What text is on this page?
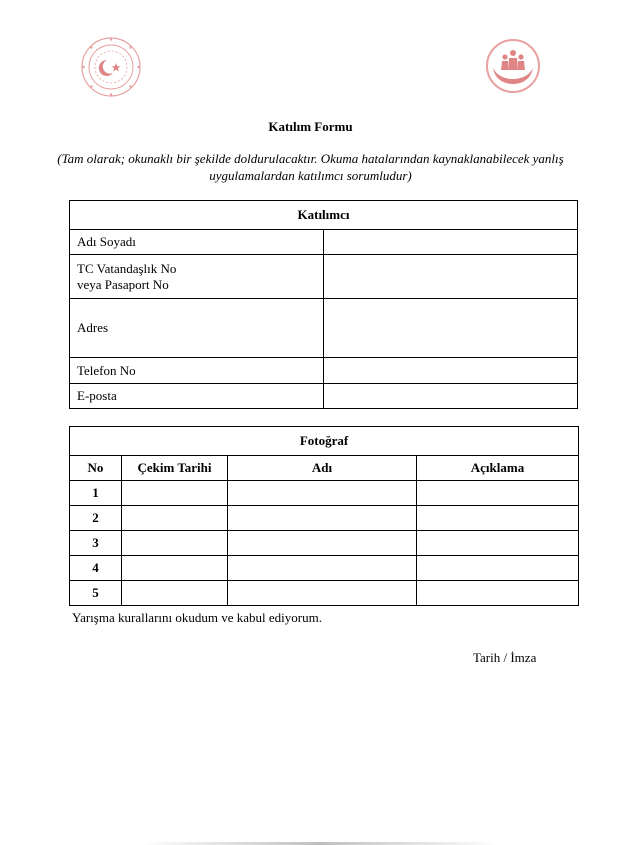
Katılım Formu
(Tam olarak; okunaklı bir şekilde doldurulacaktır. Okuma hatalarından kaynaklanabilecek yanlış
uygulamalardan katılımcı sorumludur)
Katılımcı	
Adı Soyadı	

TC Vatandaşlık No
veya Pasaport No	

Adres	
Telefon No	
E-posta	
Fotoğraf			
No	Çekim Tarihi	Adı	Açıklama
1			
2			
3			
4			
5			
Yarışma kurallarını okudum ve kabul ediyorum.
Tarih / İmza
